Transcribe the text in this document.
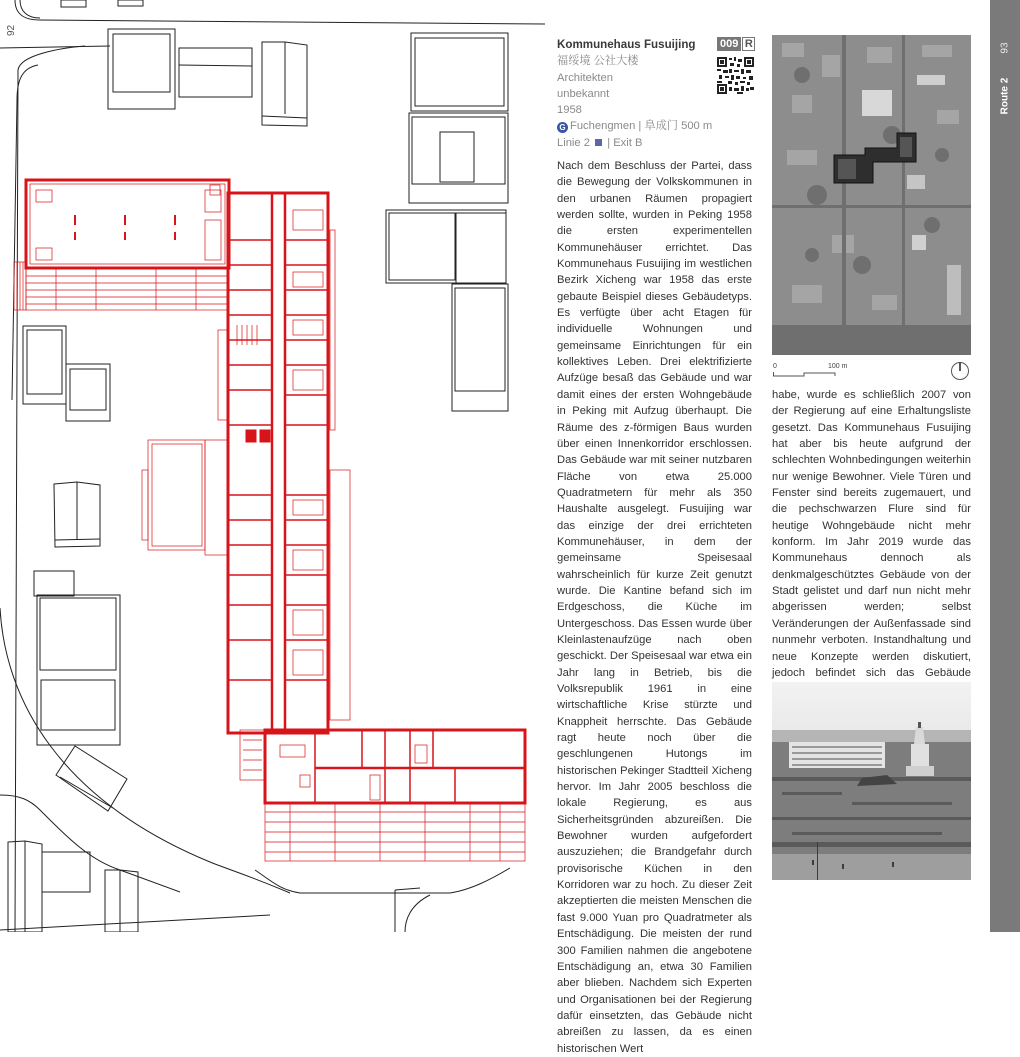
92
Kommunehaus Fusuijing
福绥境 公社大楼
Architekten
unbekannt
1958
G Fuchengmen | 阜成门 500 m
Linie 2 | Exit B
009 R
0	100 m

Nach dem Beschluss der Partei, dass die Bewegung der Volkskommunen in den urbanen Räumen propagiert werden sollte, wurden in Peking 1958 die ersten experimentellen Kommunehäuser errichtet. Das Kommunehaus Fusuijing im westlichen Bezirk Xicheng war 1958 das erste gebaute Beispiel dieses Gebäudetyps. Es verfügte über acht Etagen für individuelle Wohnungen und gemeinsame Einrichtungen für ein kollektives Leben. Drei elektrifizierte Aufzüge besaß das Gebäude und war damit eines der ersten Wohngebäude in Peking mit Aufzug überhaupt. Die Räume des z-förmigen Baus wurden über einen Innenkorridor erschlossen. Das Gebäude war mit seiner nutzbaren Fläche von etwa 25.000 Quadratmetern für mehr als 350 Haushalte ausgelegt. Fusuijing war das einzige der drei errichteten Kommunehäuser, in dem der gemeinsame Speisesaal wahrscheinlich für kurze Zeit genutzt wurde. Die Kantine befand sich im Erdgeschoss, die Küche im Untergeschoss. Das Essen wurde über Kleinlastenaufzüge nach oben geschickt. Der Speisesaal war etwa ein Jahr lang in Betrieb, bis die Volksrepublik 1961 in eine wirtschaftliche Krise stürzte und Knappheit herrschte. Das Gebäude ragt heute noch über die geschlungenen Hutongs im historischen Pekinger Stadtteil Xicheng hervor. Im Jahr 2005 beschloss die lokale Regierung, es aus Sicherheitsgründen abzureißen. Die Bewohner wurden aufgefordert auszuziehen; die Brandgefahr durch provisorische Küchen in den Korridoren war zu hoch. Zu dieser Zeit akzeptierten die meisten Menschen die fast 9.000 Yuan pro Quadratmeter als Entschädigung. Die meisten der rund 300 Familien nahmen die angebotene Entschädigung an, etwa 30 Familien aber blieben. Nachdem sich Experten und Organisationen bei der Regierung dafür einsetzten, das Gebäude nicht abreißen zu lassen, da es einen historischen Wert

habe, wurde es schließlich 2007 von der Regierung auf eine Erhaltungsliste gesetzt. Das Kommunehaus Fusuijing hat aber bis heute aufgrund der schlechten Wohnbedingungen weiterhin nur wenige Bewohner. Viele Türen und Fenster sind bereits zugemauert, und die pechschwarzen Flure sind für heutige Wohngebäude nicht mehr konform. Im Jahr 2019 wurde das Kommunehaus dennoch als denkmalgeschütztes Gebäude von der Stadt gelistet und darf nun nicht mehr abgerissen werden; selbst Veränderungen der Außenfassade sind nunmehr verboten. Instandhaltung und neue Konzepte werden diskutiert, jedoch befindet sich das Gebäude

93
Route 2
